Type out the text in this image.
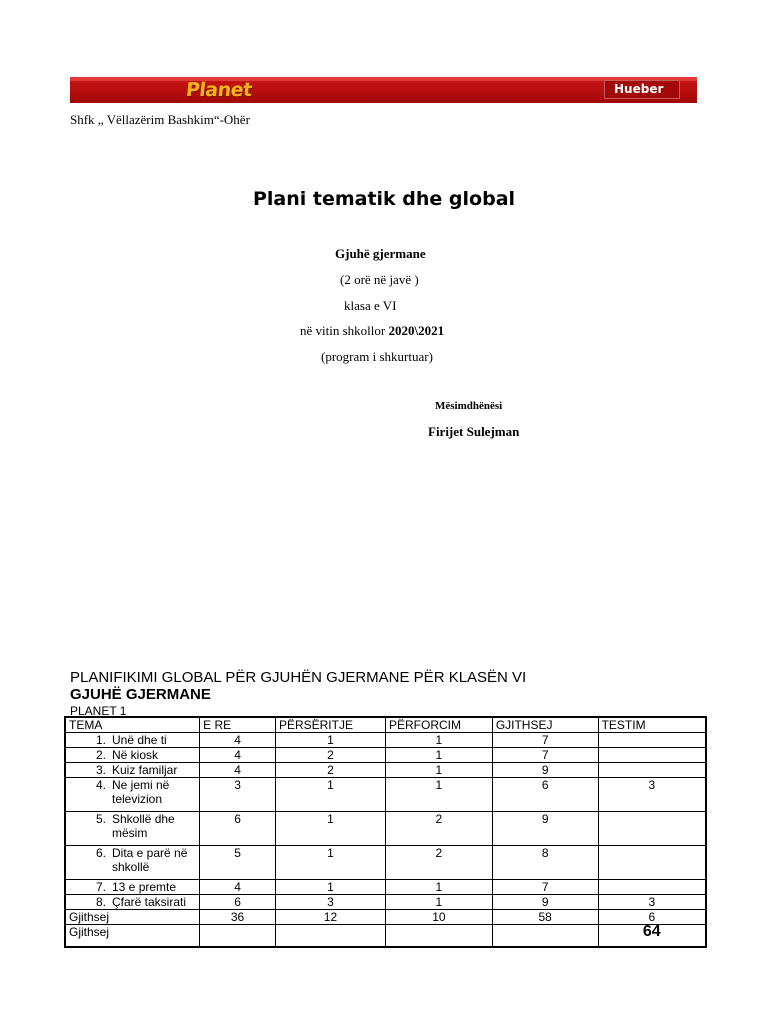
Planet	Hueber
Shfk „ Vëllazërim Bashkim“-Ohër
Plani tematik dhe global
Gjuhë gjermane
(2 orë në javë )
klasa e VI
në vitin shkollor 2020\2021
(program i shkurtuar)
Mësimdhënësi
Firijet Sulejman
PLANIFIKIMI GLOBAL PËR GJUHËN GJERMANE PËR KLASËN VI
GJUHË GJERMANE
PLANET 1
TEMA	E RE	PËRSËRITJE	PËRFORCIM	GJITHSEJ	TESTIM
1. Unë dhe ti	4	1	1	7	
2. Në kiosk	4	2	1	7	
3. Kuiz familjar	4	2	1	9	
4. Ne jemi në televizion	3	1	1	6	3
5. Shkollë dhe mësim	6	1	2	9	
6. Dita e parë në shkollë	5	1	2	8	
7. 13 e premte	4	1	1	7	
8. Çfarë taksirati	6	3	1	9	3
Gjithsej	36	12	10	58	6
Gjithsej					64
